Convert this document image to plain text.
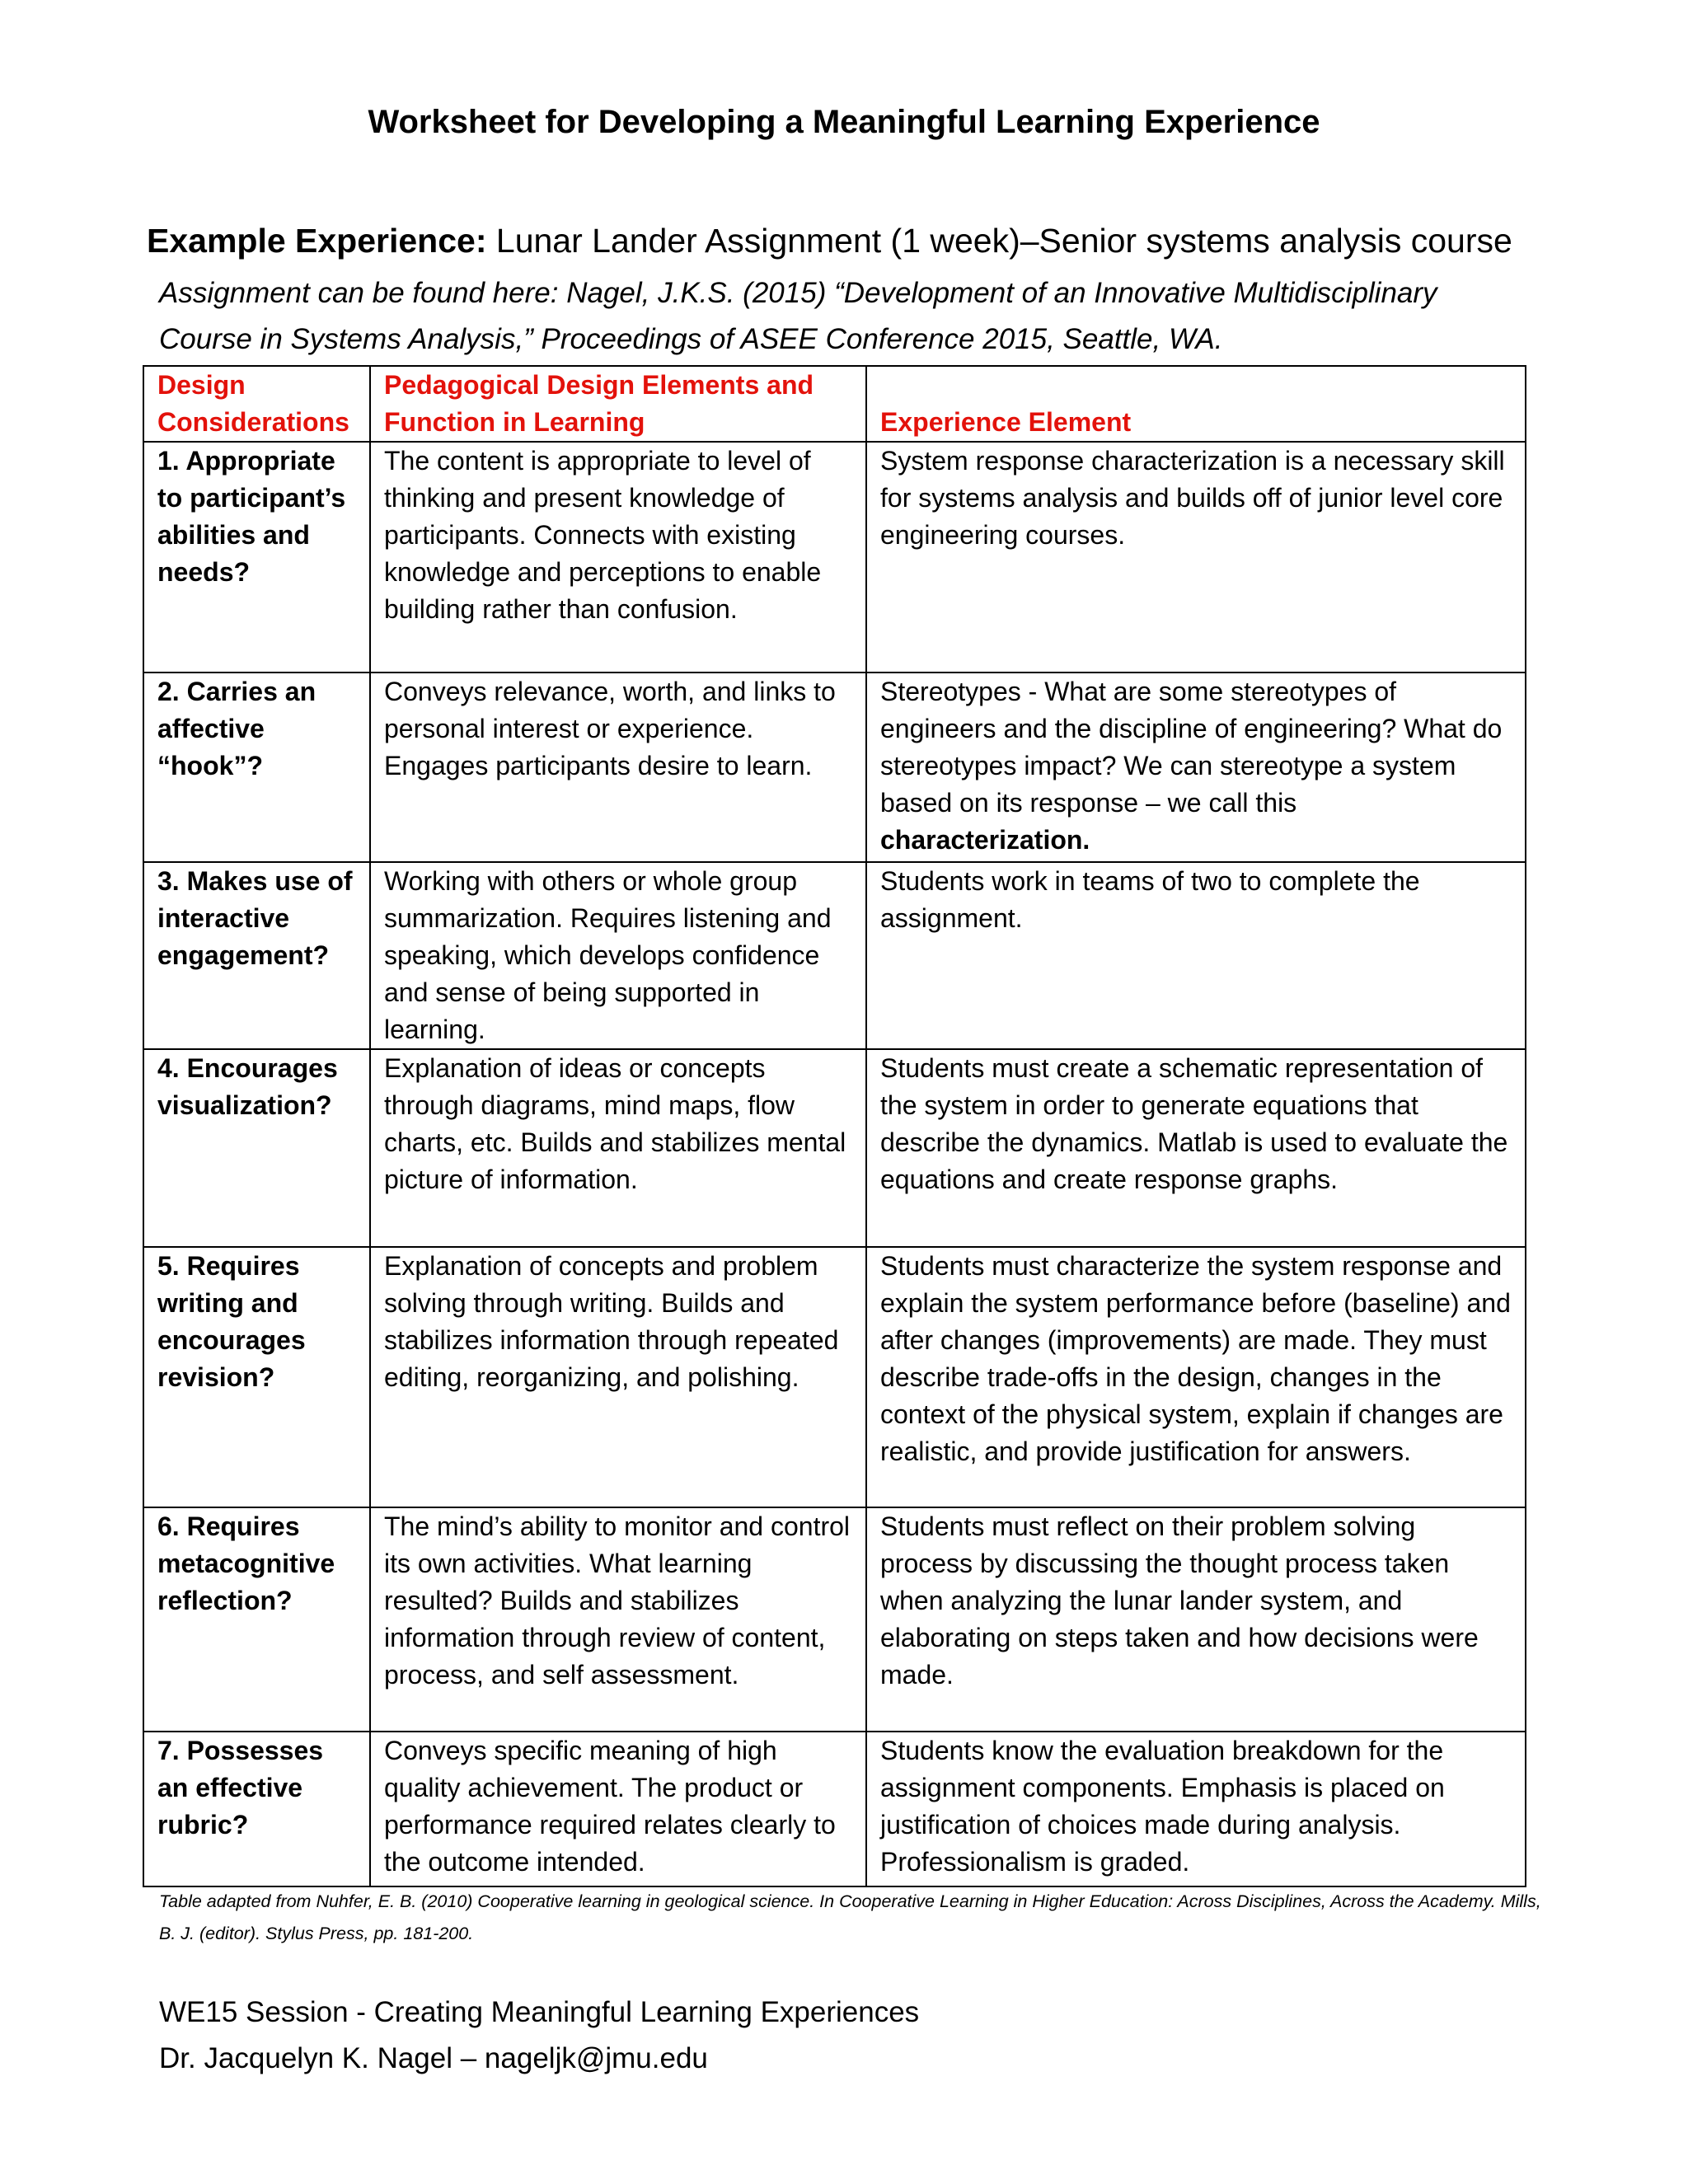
Worksheet for Developing a Meaningful Learning Experience
Example Experience: Lunar Lander Assignment (1 week)–Senior systems analysis course
Assignment can be found here: Nagel, J.K.S. (2015) “Development of an Innovative Multidisciplinary
Course in Systems Analysis,” Proceedings of ASEE Conference 2015, Seattle, WA.
Design Considerations	Pedagogical Design Elements and Function in Learning	Experience Element
1. Appropriate to participant’s abilities and needs?	The content is appropriate to level of thinking and present knowledge of participants. Connects with existing knowledge and perceptions to enable building rather than confusion.	System response characterization is a necessary skill for systems analysis and builds off of junior level core engineering courses.
2. Carries an affective “hook”?	Conveys relevance, worth, and links to personal interest or experience. Engages participants desire to learn.	Stereotypes - What are some stereotypes of engineers and the discipline of engineering? What do stereotypes impact? We can stereotype a system based on its response – we call this characterization.
3. Makes use of interactive engagement?	Working with others or whole group summarization. Requires listening and speaking, which develops confidence and sense of being supported in learning.	Students work in teams of two to complete the assignment.
4. Encourages visualization?	Explanation of ideas or concepts through diagrams, mind maps, flow charts, etc. Builds and stabilizes mental picture of information.	Students must create a schematic representation of the system in order to generate equations that describe the dynamics. Matlab is used to evaluate the equations and create response graphs.
5. Requires writing and encourages revision?	Explanation of concepts and problem solving through writing. Builds and stabilizes information through repeated editing, reorganizing, and polishing.	Students must characterize the system response and explain the system performance before (baseline) and after changes (improvements) are made. They must describe trade-offs in the design, changes in the context of the physical system, explain if changes are realistic, and provide justification for answers.
6. Requires metacognitive reflection?	The mind’s ability to monitor and control its own activities. What learning resulted? Builds and stabilizes information through review of content, process, and self assessment.	Students must reflect on their problem solving process by discussing the thought process taken when analyzing the lunar lander system, and elaborating on steps taken and how decisions were made.
7. Possesses an effective rubric?	Conveys specific meaning of high quality achievement. The product or performance required relates clearly to the outcome intended.	Students know the evaluation breakdown for the assignment components. Emphasis is placed on justification of choices made during analysis. Professionalism is graded.
Table adapted from Nuhfer, E. B. (2010) Cooperative learning in geological science. In Cooperative Learning in Higher Education: Across Disciplines, Across the Academy. Mills, B. J. (editor). Stylus Press, pp. 181-200.
WE15 Session - Creating Meaningful Learning Experiences
Dr. Jacquelyn K. Nagel – nageljk@jmu.edu
